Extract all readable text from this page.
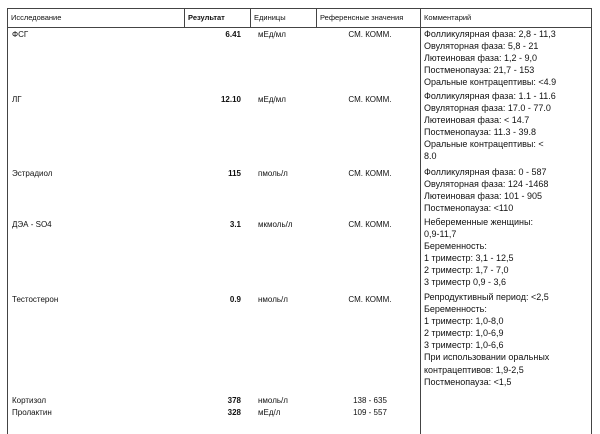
Исследование	Результат	Единицы	Референсные значения	Комментарий
ФСГ	6.41 мЕд/мл	СМ. КОММ.	Фолликулярная фаза: 2,8 - 11,3
Овуляторная фаза: 5,8 - 21
Лютеиновая фаза: 1,2 - 9,0
Постменопауза: 21,7 - 153
Оральные контрацептивы: <4.9
ЛГ	12.10 мЕд/мл	СМ. КОММ.	Фолликулярная фаза: 1.1 - 11.6
Овуляторная фаза: 17.0 - 77.0
Лютеиновая фаза: < 14.7
Постменопауза: 11.3 - 39.8
Оральные контрацептивы: <
8.0
Эстрадиол	115 пмоль/л	СМ. КОММ.	Фолликулярная фаза: 0 - 587
Овуляторная фаза: 124 -1468
Лютеиновая фаза: 101 - 905
Постменопауза: <110
ДЭА - SO4	3.1 мкмоль/л	СМ. КОММ.	Небеременные женщины:
0,9-11,7
Беременность:
1 триместр: 3,1 - 12,5
2 триместр: 1,7 - 7,0
3 триместр 0,9 - 3,6
Тестостерон	0.9 нмоль/л	СМ. КОММ.	Репродуктивный период: <2,5
Беременность:
1 триместр: 1,0-8,0
2 триместр: 1,0-6,9
3 триместр: 1,0-6,6
При использовании оральных
контрацептивов: 1,9-2,5
Постменопауза: <1,5
Кортизол	378 нмоль/л	138 - 635
Пролактин	328 мЕд/л	109 - 557
